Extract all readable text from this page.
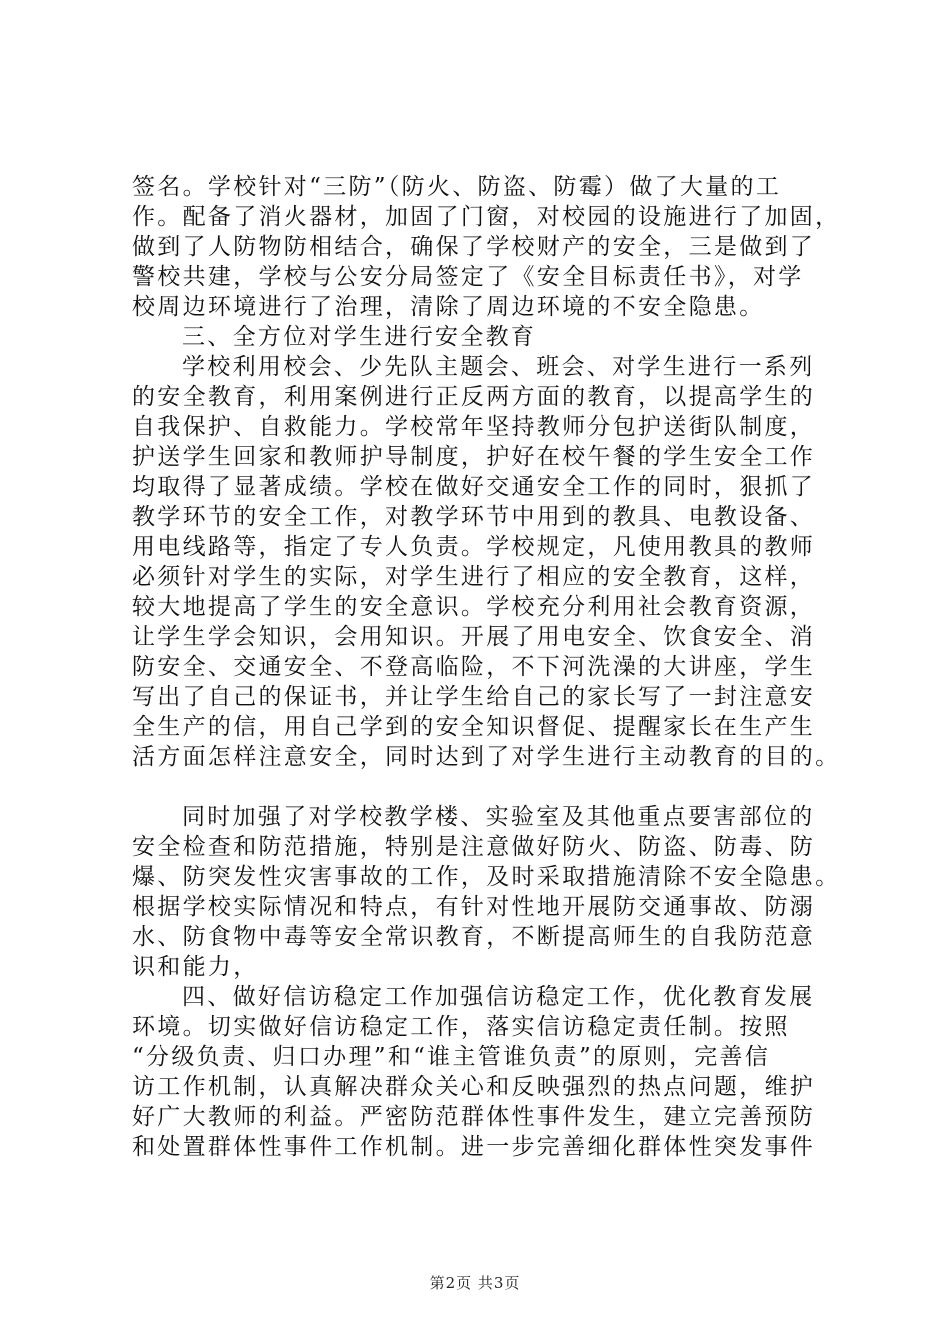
签名。学校针对“三防”（防火、防盗、防霉）做了大量的工
作。配备了消火器材，加固了门窗，对校园的设施进行了加固，
做到了人防物防相结合，确保了学校财产的安全，三是做到了
警校共建，学校与公安分局签定了《安全目标责任书》，对学
校周边环境进行了治理，清除了周边环境的不安全隐患。
三、全方位对学生进行安全教育
学校利用校会、少先队主题会、班会、对学生进行一系列
的安全教育，利用案例进行正反两方面的教育，以提高学生的
自我保护、自救能力。学校常年坚持教师分包护送街队制度，
护送学生回家和教师护导制度，护好在校午餐的学生安全工作
均取得了显著成绩。学校在做好交通安全工作的同时，狠抓了
教学环节的安全工作，对教学环节中用到的教具、电教设备、
用电线路等，指定了专人负责。学校规定，凡使用教具的教师
必须针对学生的实际，对学生进行了相应的安全教育，这样，
较大地提高了学生的安全意识。学校充分利用社会教育资源，
让学生学会知识，会用知识。开展了用电安全、饮食安全、消
防安全、交通安全、不登高临险，不下河洗澡的大讲座，学生
写出了自己的保证书，并让学生给自己的家长写了一封注意安
全生产的信，用自己学到的安全知识督促、提醒家长在生产生
活方面怎样注意安全，同时达到了对学生进行主动教育的目的。
同时加强了对学校教学楼、实验室及其他重点要害部位的
安全检查和防范措施，特别是注意做好防火、防盗、防毒、防
爆、防突发性灾害事故的工作，及时采取措施清除不安全隐患。
根据学校实际情况和特点，有针对性地开展防交通事故、防溺
水、防食物中毒等安全常识教育，不断提高师生的自我防范意
识和能力，
四、做好信访稳定工作加强信访稳定工作，优化教育发展
环境。切实做好信访稳定工作，落实信访稳定责任制。按照
“分级负责、归口办理”和“谁主管谁负责”的原则，完善信
访工作机制，认真解决群众关心和反映强烈的热点问题，维护
好广大教师的利益。严密防范群体性事件发生，建立完善预防
和处置群体性事件工作机制。进一步完善细化群体性突发事件
第2页 共3页
